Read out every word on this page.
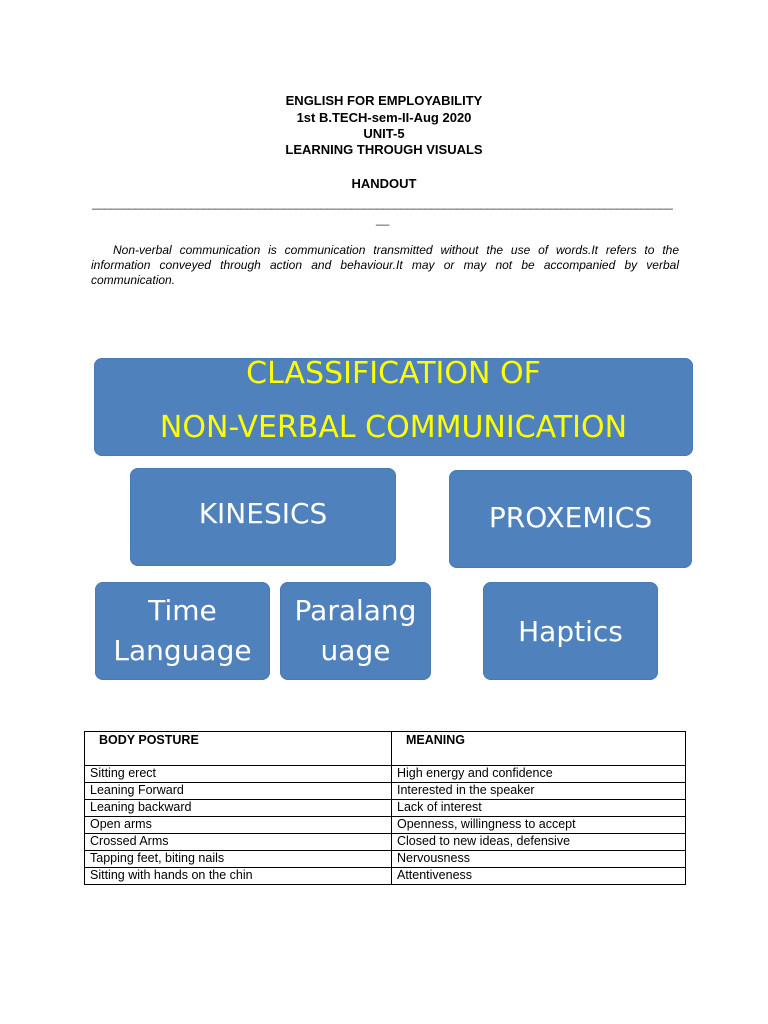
ENGLISH FOR EMPLOYABILITY
1st B.TECH-sem-II-Aug 2020
UNIT-5
LEARNING THROUGH VISUALS
HANDOUT
______________________________________________________________________________________________
__
Non-verbal communication is communication transmitted without the use of words.It refers to the information conveyed through action and behaviour.It may or may not be accompanied by verbal communication.
CLASSIFICATION OF
NON-VERBAL COMMUNICATION
KINESICS	PROXEMICS
Time
Language
Paralang
uage
Haptics
BODY POSTURE	MEANING
Sitting erect	High energy and confidence
Leaning Forward	Interested in the speaker
Leaning backward	Lack of interest
Open arms	Openness, willingness to accept
Crossed Arms	Closed to new ideas, defensive
Tapping feet, biting nails	Nervousness
Sitting with hands on the chin	Attentiveness
